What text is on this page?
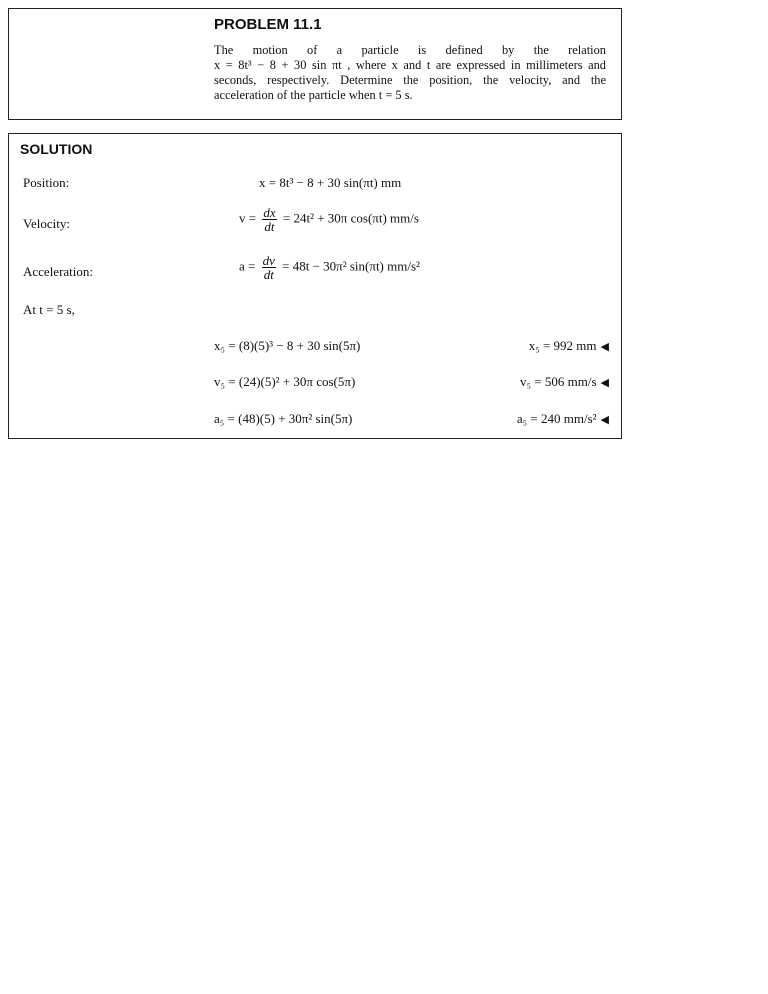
PROBLEM 11.1
The motion of a particle is defined by the relation
x = 8t³ − 8 + 30 sin πt , where x and t are expressed in millimeters and
seconds, respectively. Determine the position, the velocity, and the
acceleration of the particle when t = 5 s.
SOLUTION
Position:	x = 8t³ − 8 + 30 sin(πt) mm
Velocity:	$v = \frac{dx}{dt} = 24t^2 + 30\pi$ cos(πt) mm/s
Acceleration:	$a = \frac{dv}{dt} = 48t - 30\pi^2$ sin(πt) mm/s²
At t = 5 s,
x₅ = (8)(5)³ − 8 + 30 sin(5π)	x₅ = 992 mm ◀
v₅ = (24)(5)² + 30π cos(5π)	v₅ = 506 mm/s ◀
a₅ = (48)(5) + 30π² sin(5π)	a₅ = 240 mm/s² ◀
